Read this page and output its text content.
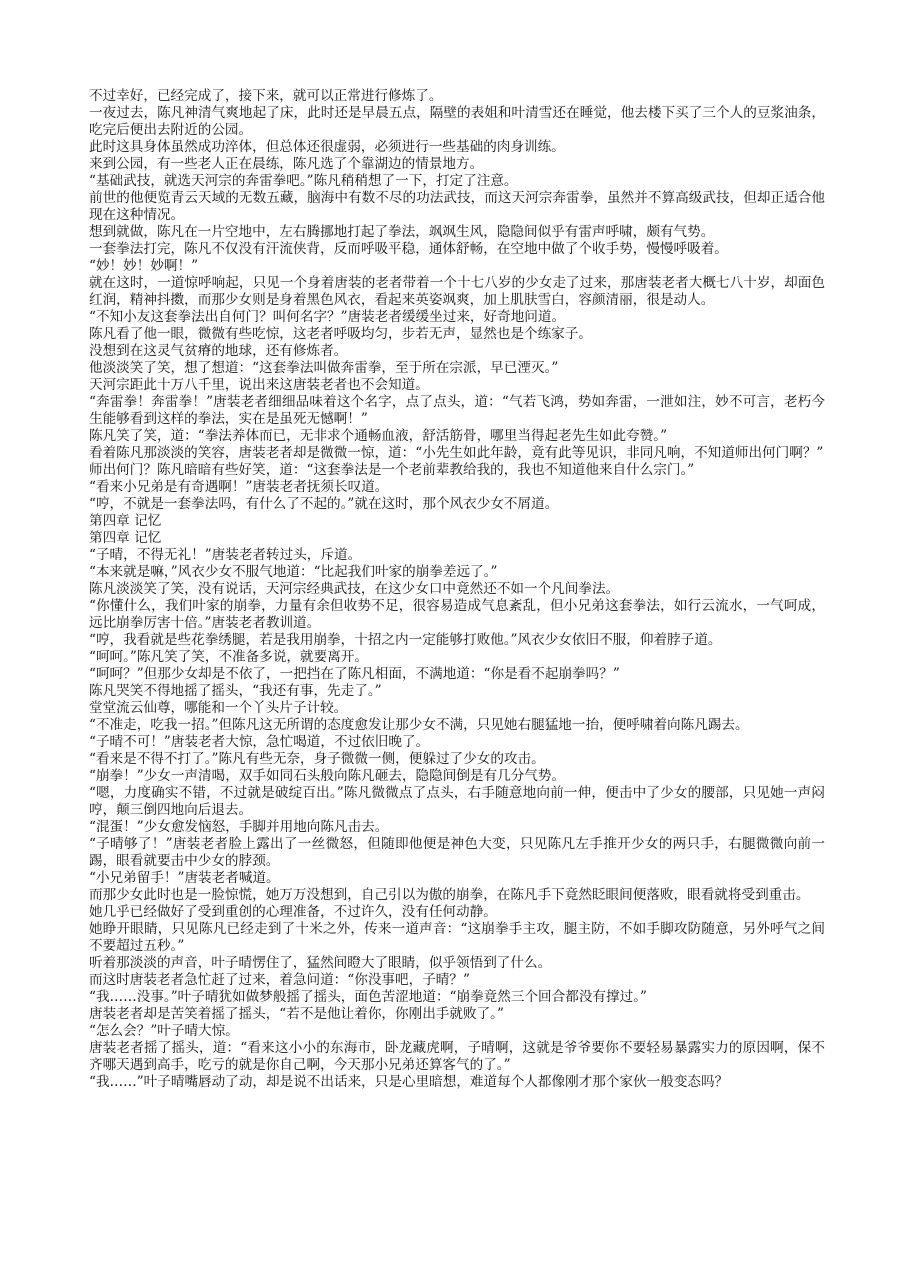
不过幸好，已经完成了，接下来，就可以正常进行修炼了。

一夜过去，陈凡神清气爽地起了床，此时还是早晨五点，隔壁的表姐和叶清雪还在睡觉，他去楼下买了三个人的豆浆油条，吃完后便出去附近的公园。

此时这具身体虽然成功淬体，但总体还很虚弱，必须进行一些基础的肉身训练。

来到公园，有一些老人正在晨练，陈凡选了个靠湖边的情景地方。

“基础武技，就选天河宗的奔雷拳吧。”陈凡稍稍想了一下，打定了注意。

前世的他便览青云天域的无数五藏，脑海中有数不尽的功法武技，而这天河宗奔雷拳，虽然并不算高级武技，但却正适合他现在这种情况。

想到就做，陈凡在一片空地中，左右腾挪地打起了拳法，飒飒生风，隐隐间似乎有雷声呼啸，颇有气势。

一套拳法打完，陈凡不仅没有汗流侠背，反而呼吸平稳，通体舒畅，在空地中做了个收手势，慢慢呼吸着。

“妙！妙！妙啊！”

就在这时，一道惊呼响起，只见一个身着唐装的老者带着一个十七八岁的少女走了过来，那唐装老者大概七八十岁，却面色红润，精神抖擞，而那少女则是身着黑色风衣，看起来英姿飒爽，加上肌肤雪白，容颜清丽，很是动人。

“不知小友这套拳法出自何门？叫何名字？”唐装老者缓缓坐过来，好奇地问道。

陈凡看了他一眼，微微有些吃惊，这老者呼吸均匀，步若无声，显然也是个练家子。

没想到在这灵气贫瘠的地球，还有修炼者。

他淡淡笑了笑，想了想道：“这套拳法叫做奔雷拳，至于所在宗派，早已湮灭。”

天河宗距此十万八千里，说出来这唐装老者也不会知道。

“奔雷拳！奔雷拳！”唐装老者细细品味着这个名字，点了点头，道：“气若飞鸿，势如奔雷，一泄如注，妙不可言，老朽今生能够看到这样的拳法，实在是虽死无憾啊！”

陈凡笑了笑，道：“拳法养体而已，无非求个通畅血液，舒活筋骨，哪里当得起老先生如此夸赞。”

看着陈凡那淡淡的笑容，唐装老者却是微微一惊，道：“小先生如此年龄，竟有此等见识，非同凡响，不知道师出何门啊？”

师出何门？陈凡暗暗有些好笑，道：“这套拳法是一个老前辈教给我的，我也不知道他来自什么宗门。”

“看来小兄弟是有奇遇啊！”唐装老者抚须长叹道。

“哼，不就是一套拳法吗，有什么了不起的。”就在这时，那个风衣少女不屑道。

第四章 记忆

第四章 记忆

“子晴，不得无礼！”唐装老者转过头，斥道。

“本来就是嘛，”风衣少女不服气地道：“比起我们叶家的崩拳差远了。”

陈凡淡淡笑了笑，没有说话，天河宗经典武技，在这少女口中竟然还不如一个凡间拳法。

“你懂什么，我们叶家的崩拳，力量有余但收势不足，很容易造成气息紊乱，但小兄弟这套拳法，如行云流水，一气呵成，远比崩拳厉害十倍。”唐装老者教训道。

“哼，我看就是些花拳绣腿，若是我用崩拳，十招之内一定能够打败他。”风衣少女依旧不服，仰着脖子道。

“呵呵。”陈凡笑了笑，不准备多说，就要离开。

“呵呵？”但那少女却是不依了，一把挡在了陈凡相面，不满地道：“你是看不起崩拳吗？”

陈凡哭笑不得地摇了摇头，“我还有事，先走了。”

堂堂流云仙尊，哪能和一个丫头片子计较。

“不准走，吃我一招。”但陈凡这无所谓的态度愈发让那少女不满，只见她右腿猛地一抬，便呼啸着向陈凡踢去。

“子晴不可！”唐装老者大惊，急忙喝道，不过依旧晚了。

“看来是不得不打了。”陈凡有些无奈，身子微微一侧，便躲过了少女的攻击。

“崩拳！”少女一声清喝，双手如同石头般向陈凡砸去，隐隐间倒是有几分气势。

“嗯，力度确实不错，不过就是破绽百出。”陈凡微微点了点头，右手随意地向前一伸，便击中了少女的腰部，只见她一声闷哼，颠三倒四地向后退去。

“混蛋！”少女愈发恼怒，手脚并用地向陈凡击去。

“子晴够了！”唐装老者脸上露出了一丝微怒，但随即他便是神色大变，只见陈凡左手推开少女的两只手，右腿微微向前一踢，眼看就要击中少女的脖颈。

“小兄弟留手！”唐装老者喊道。

而那少女此时也是一脸惊慌，她万万没想到，自己引以为傲的崩拳，在陈凡手下竟然眨眼间便落败，眼看就将受到重击。

她几乎已经做好了受到重创的心理准备，不过许久，没有任何动静。

她睁开眼睛，只见陈凡已经走到了十米之外，传来一道声音：“这崩拳手主攻，腿主防，不如手脚攻防随意，另外呼气之间不要超过五秒。”

听着那淡淡的声音，叶子晴愣住了，猛然间瞪大了眼睛，似乎领悟到了什么。

而这时唐装老者急忙赶了过来，着急问道：“你没事吧，子晴？”

“我……没事。”叶子晴犹如做梦般摇了摇头，面色苦涩地道：“崩拳竟然三个回合都没有撑过。”

唐装老者却是苦笑着摇了摇头，“若不是他让着你，你刚出手就败了。”

“怎么会？”叶子晴大惊。

唐装老者摇了摇头，道：“看来这小小的东海市，卧龙藏虎啊，子晴啊，这就是爷爷要你不要轻易暴露实力的原因啊，保不齐哪天遇到高手，吃亏的就是你自己啊，今天那小兄弟还算客气的了。”

“我……”叶子晴嘴唇动了动，却是说不出话来，只是心里暗想，难道每个人都像刚才那个家伙一般变态吗？
